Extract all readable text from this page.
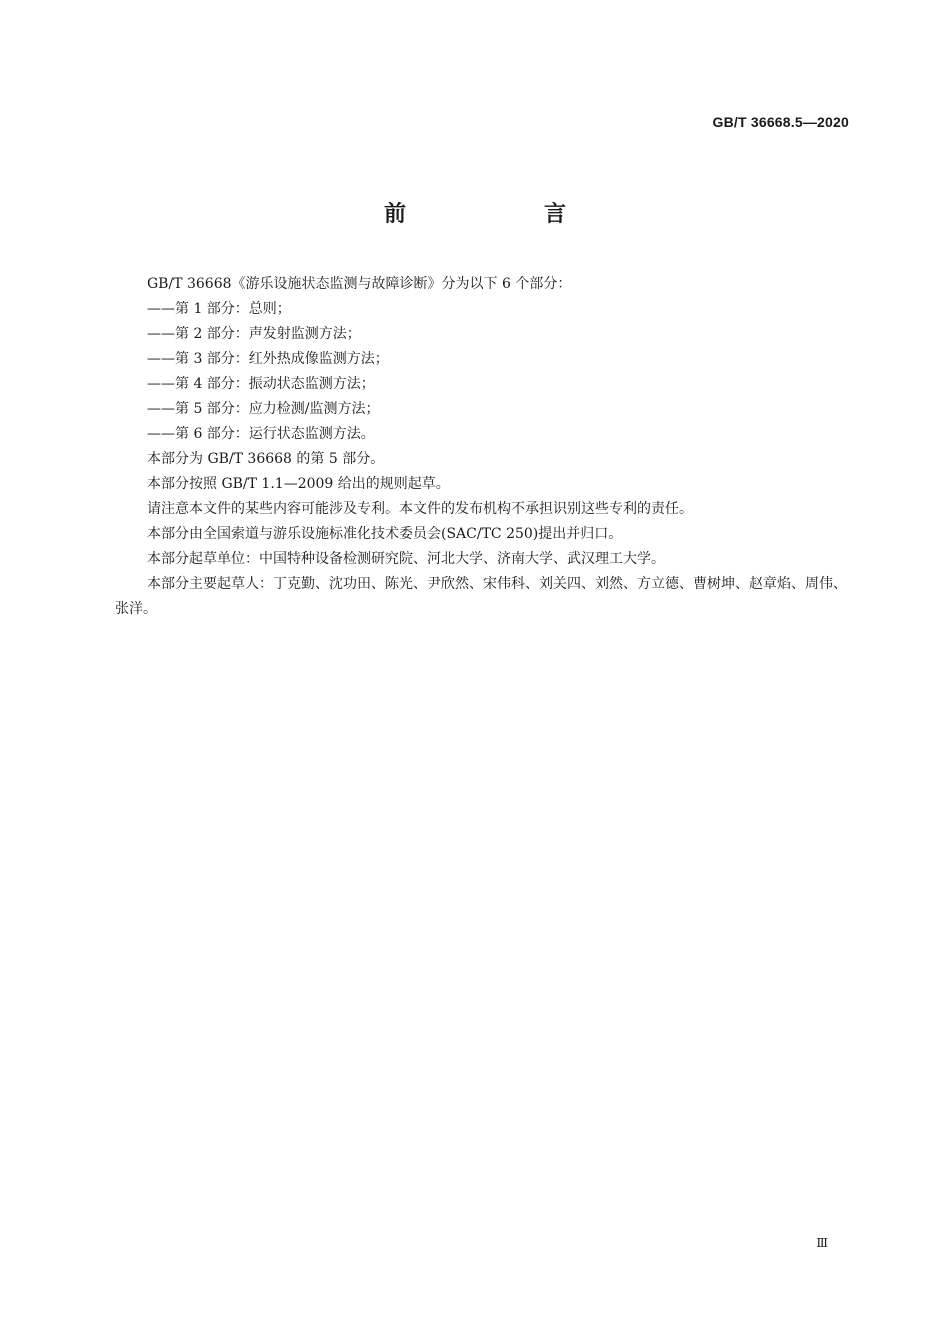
GB/T 36668.5—2020
前　言

GB/T 36668《游乐设施状态监测与故障诊断》分为以下 6 个部分：

——第 1 部分：总则；

——第 2 部分：声发射监测方法；

——第 3 部分：红外热成像监测方法；

——第 4 部分：振动状态监测方法；

——第 5 部分：应力检测/监测方法；

——第 6 部分：运行状态监测方法。

本部分为 GB/T 36668 的第 5 部分。

本部分按照 GB/T 1.1—2009 给出的规则起草。

请注意本文件的某些内容可能涉及专利。本文件的发布机构不承担识别这些专利的责任。

本部分由全国索道与游乐设施标准化技术委员会(SAC/TC 250)提出并归口。

本部分起草单位：中国特种设备检测研究院、河北大学、济南大学、武汉理工大学。

本部分主要起草人：丁克勤、沈功田、陈光、尹欣然、宋伟科、刘关四、刘然、方立德、曹树坤、赵章焰、周伟、张洋。

Ⅲ
